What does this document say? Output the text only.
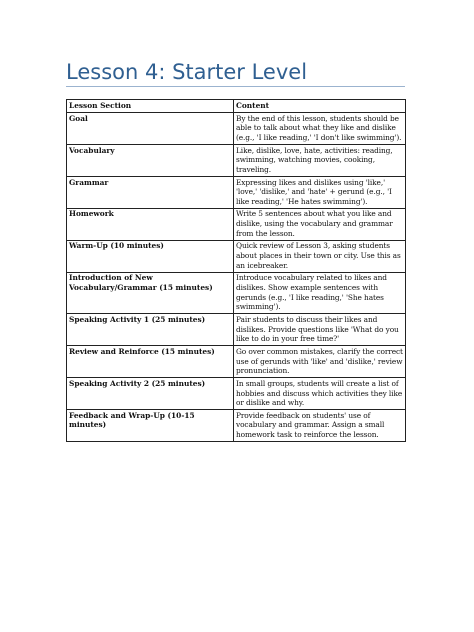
Lesson 4: Starter Level
Lesson Section	Content
Goal	By the end of this lesson, students should be able to talk about what they like and dislike (e.g., 'I like reading,' 'I don't like swimming').
Vocabulary	Like, dislike, love, hate, activities: reading, swimming, watching movies, cooking, traveling.
Grammar	Expressing likes and dislikes using 'like,' 'love,' 'dislike,' and 'hate' + gerund (e.g., 'I like reading,' 'He hates swimming').
Homework	Write 5 sentences about what you like and dislike, using the vocabulary and grammar from the lesson.
Warm-Up (10 minutes)	Quick review of Lesson 3, asking students about places in their town or city. Use this as an icebreaker.
Introduction of New Vocabulary/Grammar (15 minutes)	Introduce vocabulary related to likes and dislikes. Show example sentences with gerunds (e.g., 'I like reading,' 'She hates swimming').
Speaking Activity 1 (25 minutes)	Pair students to discuss their likes and dislikes. Provide questions like 'What do you like to do in your free time?'
Review and Reinforce (15 minutes)	Go over common mistakes, clarify the correct use of gerunds with 'like' and 'dislike,' review pronunciation.
Speaking Activity 2 (25 minutes)	In small groups, students will create a list of hobbies and discuss which activities they like or dislike and why.
Feedback and Wrap-Up (10-15 minutes)	Provide feedback on students' use of vocabulary and grammar. Assign a small homework task to reinforce the lesson.
